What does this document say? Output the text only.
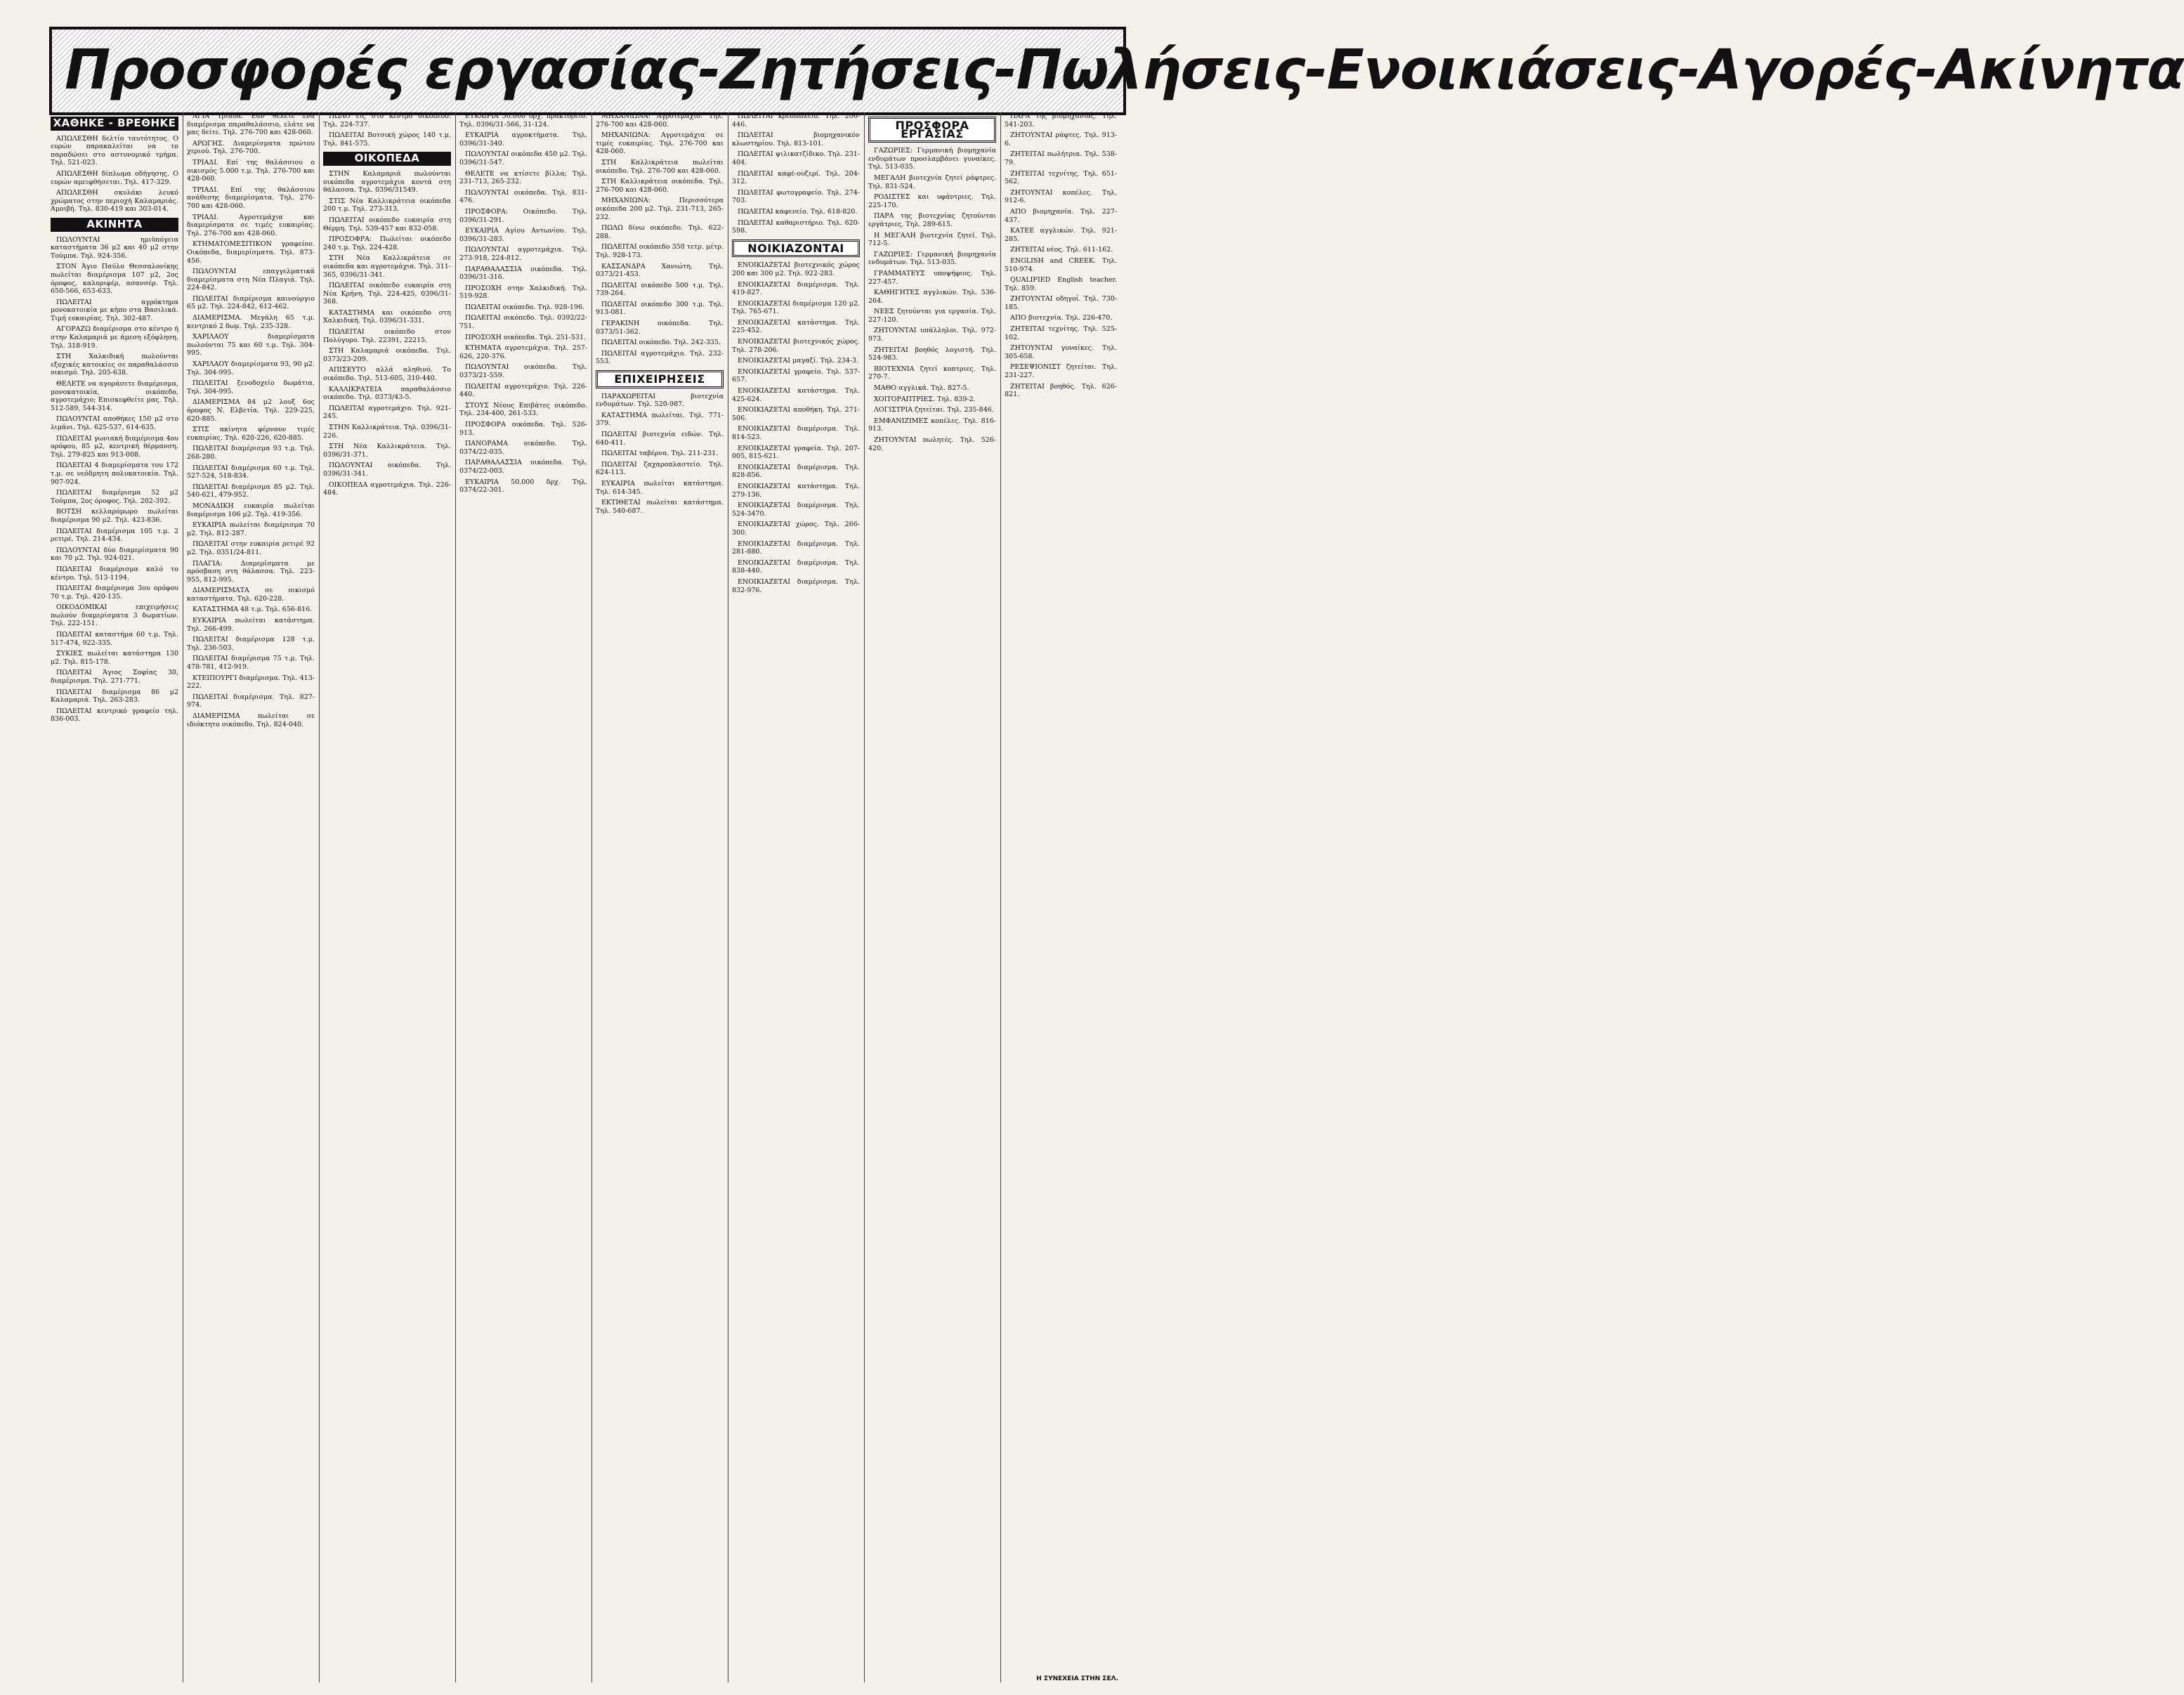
Προσφορές εργασίας-Ζητήσεις-Πωλήσεις-Ενοικιάσεις-Αγορές-Ακίνητα
ΧΑΘΗΚΕ - ΒΡΕΘΗΚΕ
ΑΠΩΛΕΣΘΗ δελτίο ταυτότητος. Ο ευρών παρακαλείται να το παραδώσει στο αστυνομικό τμήμα. Τηλ. 521-023.
ΑΠΩΛΕΣΘΗ δίπλωμα οδήγησης. Ο ευρών αμειφθήσεται. Τηλ. 417-329.
ΑΠΩΛΕΣΘΗ σκυλάκι λευκό χρώματος στην περιοχή Καλαμαριάς. Αμοιβή. Τηλ. 830-419 και 303-014.
ΑΚΙΝΗΤΑ
ΠΩΛΟΥΝΤΑΙ ημιϋπόγεια καταστήματα 36 μ2 και 40 μ2 στην Τούμπα. Τηλ. 924-356.
ΣΤΟΝ Άγιο Παύλο Θεσσαλονίκης πωλείται διαμέρισμα 107 μ2, 2ος όροφος, καλοριφέρ, ασανσέρ. Τηλ. 650-566, 653-633.
ΠΩΛΕΙΤΑΙ αγρόκτημα μονοκατοικία με κήπο στα Βασιλικά. Τιμή ευκαιρίας. Τηλ. 302-487.
ΑΓΟΡΑΖΩ διαμέρισμα στο κέντρο ή στην Καλαμαριά με άμεση εξόφληση. Τηλ. 318-919.
ΣΤΗ Χαλκιδική πωλούνται εξοχικές κατοικίες σε παραθαλάσσιο οικισμό. Τηλ. 205-638.
ΘΕΛΕΤΕ να αγοράσετε διαμέρισμα, μονοκατοικία, οικόπεδο, αγροτεμάχιο; Επισκεφθείτε μας. Τηλ. 512-589, 544-314.
ΠΩΛΟΥΝΤΑΙ αποθήκες 150 μ2 στο λιμάνι. Τηλ. 625-537, 614-635.
ΠΩΛΕΙΤΑΙ γωνιακή διαμέρισμα 4ου ορόφου, 85 μ2, κεντρική θέρμανση. Τηλ. 279-825 και 913-008.
ΠΩΛΕΙΤΑΙ 4 διαμερίσματα του 172 τ.μ. σε νεόδμητη πολυκατοικία. Τηλ. 907-924.
ΠΩΛΕΙΤΑΙ διαμέρισμα 52 μ2 Τούμπα, 2ος όροφος. Τηλ. 202-392.
ΒΟΤΣΗ κελλαρόμωρο πωλείται διαμέρισμα 90 μ2. Τηλ. 423-836.
ΠΩΛΕΙΤΑΙ διαμέρισμα 105 τ.μ. 2 ρετιρέ. Τηλ. 214-434.
ΠΩΛΟΥΝΤΑΙ δύο διαμερίσματα 90 και 70 μ2. Τηλ. 924-021.
ΠΩΛΕΙΤΑΙ διαμέρισμα καλό το κέντρο. Τηλ. 513-1194.
ΠΩΛΕΙΤΑΙ διαμέρισμα 3ου ορόφου 70 τ.μ. Τηλ. 420-135.
ΟΙΚΟΔΟΜΙΚΑΙ επιχειρήσεις πωλούν διαμερίσματα 3 δωματίων. Τηλ. 222-151.
ΠΩΛΕΙΤΑΙ καταστήμα 60 τ.μ. Τηλ. 517-474, 922-335.
ΣΥΚΙΕΣ πωλείται κατάστημα 130 μ2. Τηλ. 815-178.
ΠΩΛΕΙΤΑΙ Άγιος Σοφίας 30, διαμέρισμα. Τηλ. 271-771.
ΠΩΛΕΙΤΑΙ διαμέρισμα 86 μ2 Καλαμαριά. Τηλ. 263-283.
ΠΩΛΕΙΤΑΙ κεντρικό γραφείο τηλ. 836-003.
ΑΓΙΑ Τριάδα. Εάν θέλετε ένα διαμέρισμα παραθαλάσσιο, ελάτε να μας δείτε. Τηλ. 276-700 και 428-060.
ΑΡΩΓΗΣ. Διαμερίσματα πρώτου χεριού. Τηλ. 276-700.
ΤΡΙΑΔΙ. Επί της θαλάσσιου ο οικισμός 5.000 τ.μ. Τηλ. 276-700 και 428-060.
ΤΡΙΑΔΙ. Επί της θαλάσσιου ανάθεσης διαμερίσματα. Τηλ. 276-700 και 428-060.
ΤΡΙΑΔΙ. Αγροτεμάχια και διαμερίσματα σε τιμές ευκαιρίας. Τηλ. 276-700 και 428-060.
ΚΤΗΜΑΤΟΜΕΣΙΤΙΚΟΝ γραφείον. Οικόπεδα, διαμερίσματα. Τηλ. 873-456.
ΠΩΛΟΥΝΤΑΙ επαγγελματικά διαμερίσματα στη Νέα Πλαγιά. Τηλ. 224-842.
ΠΩΛΕΙΤΑΙ διαμέρισμα καινούργιο 65 μ2. Τηλ. 224-842, 612-462.
ΔΙΑΜΕΡΙΣΜΑ. Μεγάλη 65 τ.μ. κεντρικό 2 δωμ. Τηλ. 235-328.
ΧΑΡΙΛΑΟΥ διαμερίσματα πωλούνται 75 και 60 τ.μ. Τηλ. 304-995.
ΧΑΡΙΛΑΟΥ διαμερίσματα 93, 90 μ2. Τηλ. 304-995.
ΠΩΛΕΙΤΑΙ ξενοδοχείο δωμάτια. Τηλ. 304-995.
ΔΙΑΜΕΡΙΣΜΑ 84 μ2 λουξ 6ος όροφος Ν. Ελβετία. Τηλ. 229-225, 620-885.
ΣΤΙΣ ακίνητα φέρνουν τιμές ευκαιρίας. Τηλ. 620-226, 620-885.
ΠΩΛΕΙΤΑΙ διαμέρισμα 93 τ.μ. Τηλ. 268-280.
ΠΩΛΕΙΤΑΙ διαμέρισμα 60 τ.μ. Τηλ. 527-524, 518-834.
ΠΩΛΕΙΤΑΙ διαμέρισμα 85 μ2. Τηλ. 540-621, 479-952.
ΜΟΝΑΔΙΚΗ ευκαιρία πωλείται διαμέρισμα 106 μ2. Τηλ. 419-356.
ΕΥΚΑΙΡΙΑ πωλείται διαμέρισμα 70 μ2. Τηλ. 812-287.
ΠΩΛΕΙΤΑΙ στην ευκαιρία ρετιρέ 92 μ2. Τηλ. 0351/24-811.
ΠΛΑΓΙΑ: Διαμερίσματα με πρόσβαση στη θάλασσα. Τηλ. 223-955, 812-995.
ΔΙΑΜΕΡΙΣΜΑΤΑ σε οικισμό καταστήματα. Τηλ. 620-228.
ΚΑΤΑΣΤΗΜΑ 48 τ.μ. Τηλ. 656-816.
ΕΥΚΑΙΡΙΑ πωλείται κατάστημα. Τηλ. 266-499.
ΠΩΛΕΙΤΑΙ διαμέρισμα 128 τ.μ. Τηλ. 236-503.
ΠΩΛΕΙΤΑΙ διαμέρισμα 75 τ.μ. Τηλ. 478-781, 412-919.
ΚΤΕΙΠΟΥΡΓΙ διαμέρισμα. Τηλ. 413-222.
ΠΩΛΕΙΤΑΙ διαμέρισμα. Τηλ. 827-974.
ΔΙΑΜΕΡΙΣΜΑ πωλείται σε ιδιόκτητο οικόπεδο. Τηλ. 824-040.
ΠΩΛΟ είς στο κέντρο οικόπεδο. Τηλ. 224-737.
ΠΩΛΕΙΤΑΙ Βοτσική χώρος 140 τ.μ. Τηλ. 841-575.
ΟΙΚΟΠΕΔΑ
ΣΤΗΝ Καλαμαριά πωλούνται οικόπεδα αγροτεμάχια κοντά στη θάλασσα. Τηλ. 0396/31549.
ΣΤΙΣ Νέα Καλλικράτεια οικόπεδα 200 τ.μ. Τηλ. 273-313.
ΠΩΛΕΙΤΑΙ οικόπεδο ευκαιρία στη Θέρμη. Τηλ. 539-457 και 832-058.
ΠΡΟΣΟΦΡΑ: Πωλείται οικόπεδο 240 τ.μ. Τηλ. 224-428.
ΣΤΗ Νέα Καλλικράτεια σε οικόπεδα και αγροτεμάχια. Τηλ. 311-365, 0396/31-341.
ΠΩΛΕΙΤΑΙ οικόπεδο ευκαιρία στη Νέα Κρήνη. Τηλ. 224-425, 0396/31-368.
ΚΑΤΑΣΤΗΜΑ και οικόπεδο στη Χαλκιδική. Τηλ. 0396/31-331.
ΠΩΛΕΙΤΑΙ οικόπεδο στον Πολύγυρο. Τηλ. 22391, 22215.
ΣΤΗ Καλαμαριά οικόπεδα. Τηλ. 0373/23-209.
ΑΠΙΣΕΥΤΟ αλλά αληθινό. Το οικόπεδο. Τηλ. 513-605, 310-440.
ΚΑΛΛΙΚΡΑΤΕΙΑ παραθαλάσσιο οικόπεδο. Τηλ. 0373/43-5.
ΠΩΛΕΙΤΑΙ αγροτεμάχιο. Τηλ. 921-245.
ΣΤΗΝ Καλλικράτεια. Τηλ. 0396/31-226.
ΣΤΗ Νέα Καλλικράτεια. Τηλ. 0396/31-371.
ΠΩΛΟΥΝΤΑΙ οικόπεδα. Τηλ. 0396/31-341.
ΟΙΚΟΠΕΔΑ αγροτεμάχια. Τηλ. 226-484.
ΕΥΚΑΙΡΙΑ 50.000 δρχ. πρακτορείο. Τηλ. 0396/31-566, 31-124.
ΕΥΚΑΙΡΙΑ αγροκτήματα. Τηλ. 0396/31-340.
ΠΩΛΟΥΝΤΑΙ οικόπεδα 450 μ2. Τηλ. 0396/31-547.
ΘΕΛΕΤΕ να κτίσετε βίλλα; Τηλ. 231-713, 265-232.
ΠΩΛΟΥΝΤΑΙ οικόπεδα. Τηλ. 831-476.
ΠΡΟΣΦΟΡΑ: Οικόπεδο. Τηλ. 0396/31-291.
ΕΥΚΑΙΡΙΑ Αγίου Αντωνίου. Τηλ. 0396/31-283.
ΠΩΛΟΥΝΤΑΙ αγροτεμάχια. Τηλ. 273-918, 224-812.
ΠΑΡΑΘΑΛΑΣΣΙΑ οικόπεδα. Τηλ. 0396/31-316.
ΠΡΟΣΟΧΗ στην Χαλκιδική. Τηλ. 519-928.
ΠΩΛΕΙΤΑΙ οικόπεδο. Τηλ. 928-196.
ΠΩΛΕΙΤΑΙ οικόπεδο. Τηλ. 0392/22-751.
ΠΡΟΣΟΧΗ οικόπεδα. Τηλ. 251-531.
ΚΤΗΜΑΤΑ αγροτεμάχια. Τηλ. 257-626, 220-376.
ΠΩΛΟΥΝΤΑΙ οικόπεδα. Τηλ. 0373/21-559.
ΠΩΛΕΙΤΑΙ αγροτεμάχιο. Τηλ. 226-440.
ΣΤΟΥΣ Νέους Επιβάτες οικόπεδο. Τηλ. 234-400, 261-533.
ΠΡΟΣΦΟΡΑ οικόπεδα. Τηλ. 526-913.
ΠΑΝΟΡΑΜΑ οικόπεδο. Τηλ. 0374/22-035.
ΠΑΡΑΘΑΛΑΣΣΙΑ οικόπεδα. Τηλ. 0374/22-003.
ΕΥΚΑΙΡΙΑ 50.000 δρχ. Τηλ. 0374/22-301.
ΜΗΧΑΝΙΩΝΑ: Αγροτεμάχιο. Τηλ. 276-700 και 428-060.
ΜΗΧΑΝΙΩΝΑ: Αγροτεμάχια σε τιμές ευκαιρίας. Τηλ. 276-700 και 428-060.
ΣΤΗ Καλλικράτεια πωλείται οικόπεδο. Τηλ. 276-700 και 428-060.
ΣΤΗ Καλλικράτεια οικόπεδα. Τηλ. 276-700 και 428-060.
ΜΗΧΑΝΙΩΝΑ: Περισσότερα οικόπεδα 200 μ2. Τηλ. 231-713, 265-232.
ΠΩΛΩ δίνω οικόπεδο. Τηλ. 622-288.
ΠΩΛΕΙΤΑΙ οικόπεδο 350 τετρ. μέτρ. Τηλ. 928-173.
ΚΑΣΣΑΝΔΡΑ Χανιώτη. Τηλ. 0373/21-453.
ΠΩΛΕΙΤΑΙ οικόπεδο 500 τ.μ. Τηλ. 739-264.
ΠΩΛΕΙΤΑΙ οικόπεδο 300 τ.μ. Τηλ. 913-081.
ΓΕΡΑΚΙΝΗ οικόπεδα. Τηλ. 0373/51-362.
ΠΩΛΕΙΤΑΙ οικόπεδο. Τηλ. 242-335.
ΠΩΛΕΙΤΑΙ αγροτεμάχιο. Τηλ. 232-553.
ΕΠΙΧΕΙΡΗΣΕΙΣ
ΠΑΡΑΧΩΡΕΙΤΑΙ βιοτεχνία ενδυμάτων. Τηλ. 520-987.
ΚΑΤΑΣΤΗΜΑ πωλείται. Τηλ. 771-379.
ΠΩΛΕΙΤΑΙ βιοτεχνία ειδών. Τηλ. 640-411.
ΠΩΛΕΙΤΑΙ ταβέρνα. Τηλ. 211-231.
ΠΩΛΕΙΤΑΙ ζαχαροπλαστείο. Τηλ. 624-113.
ΕΥΚΑΙΡΙΑ πωλείται κατάστημα. Τηλ. 614-345.
ΕΚΤΙΘΕΤΑΙ πωλείται κατάστημα. Τηλ. 540-687.
ΠΩΛΕΙΤΑΙ κρεοπωλείο. Τηλ. 206-446.
ΠΩΛΕΙΤΑΙ βιομηχανικόν κλωστηρίου. Τηλ. 813-101.
ΠΩΛΕΙΤΑΙ ψιλικατζίδικο. Τηλ. 231-404.
ΠΩΛΕΙΤΑΙ καφέ-ουζερί. Τηλ. 204-312.
ΠΩΛΕΙΤΑΙ φωτογραφείο. Τηλ. 274-703.
ΠΩΛΕΙΤΑΙ καφενείο. Τηλ. 618-820.
ΠΩΛΕΙΤΑΙ καθαριστήριο. Τηλ. 620-598.
ΝΟΙΚΙΑΖΟΝΤΑΙ
ΕΝΟΙΚΙΑΖΕΤΑΙ βιοτεχνικός χώρος 200 και 300 μ2. Τηλ. 922-283.
ΕΝΟΙΚΙΑΖΕΤΑΙ διαμέρισμα. Τηλ. 419-827.
ΕΝΟΙΚΙΑΖΕΤΑΙ διαμέρισμα 120 μ2. Τηλ. 765-671.
ΕΝΟΙΚΙΑΖΕΤΑΙ κατάστημα. Τηλ. 225-452.
ΕΝΟΙΚΙΑΖΕΤΑΙ βιοτεχνικός χώρος. Τηλ. 278-206.
ΕΝΟΙΚΙΑΖΕΤΑΙ μαγαζί. Τηλ. 234-3.
ΕΝΟΙΚΙΑΖΕΤΑΙ γραφείο. Τηλ. 537-657.
ΕΝΟΙΚΙΑΖΕΤΑΙ κατάστημα. Τηλ. 425-624.
ΕΝΟΙΚΙΑΖΕΤΑΙ αποθήκη. Τηλ. 271-506.
ΕΝΟΙΚΙΑΖΕΤΑΙ διαμέρισμα. Τηλ. 814-523.
ΕΝΟΙΚΙΑΖΕΤΑΙ γραφεία. Τηλ. 207-005, 815-621.
ΕΝΟΙΚΙΑΖΕΤΑΙ διαμέρισμα. Τηλ. 828-856.
ΕΝΟΙΚΙΑΖΕΤΑΙ κατάστημα. Τηλ. 279-136.
ΕΝΟΙΚΙΑΖΕΤΑΙ διαμέρισμα. Τηλ. 524-3470.
ΕΝΟΙΚΙΑΖΕΤΑΙ χώρος. Τηλ. 266-300.
ΕΝΟΙΚΙΑΖΕΤΑΙ διαμέρισμα. Τηλ. 281-880.
ΕΝΟΙΚΙΑΖΕΤΑΙ διαμέρισμα. Τηλ. 838-440.
ΕΝΟΙΚΙΑΖΕΤΑΙ διαμέρισμα. Τηλ. 832-976.
ΠΡΟΣΦΟΡΑ ΕΡΓΑΣΙΑΣ
ΓΑΖΩΡΙΕΣ: Γερμανική βιομηχανία ενδυμάτων προσλαμβάνει γυναίκες. Τηλ. 513-035.
ΜΕΓΑΛΗ βιοτεχνία ζητεί ράφτρες. Τηλ. 831-524.
ΡΟΔΙΣΤΕΣ και υφάντριες. Τηλ. 225-170.
ΠΑΡΑ της βιοτεχνίας ζητούνται εργάτριες. Τηλ. 289-615.
Η ΜΕΓΑΛΗ βιοτεχνία ζητεί. Τηλ. 712-5.
ΓΑΖΩΡΙΕΣ: Γερμανική βιομηχανία ενδυμάτων. Τηλ. 513-035.
ΓΡΑΜΜΑΤΕΥΣ υποψήφιος. Τηλ. 227-457.
ΚΑΘΗΓΗΤΕΣ αγγλικών. Τηλ. 536-264.
ΝΕΕΣ ζητούνται για εργασία. Τηλ. 227-120.
ΖΗΤΟΥΝΤΑΙ υπάλληλοι. Τηλ. 972-973.
ΖΗΤΕΙΤΑΙ βοηθός λογιστή. Τηλ. 524-983.
ΒΙΟΤΕΧΝΙΑ ζητεί κοπτριες. Τηλ. 270-7.
ΜΑΘΟ αγγλικά. Τηλ. 827-5.
ΧΟΙΤΟΡΑΠΤΡΙΕΣ. Τηλ. 839-2.
ΛΟΓΙΣΤΡΙΑ ζητείται. Τηλ. 235-846.
ΕΜΦΑΝΙΖΙΜΕΣ κοπέλες. Τηλ. 816-913.
ΖΗΤΟΥΝΤΑΙ πωλητές. Τηλ. 526-420.
ΠΑΡΑ της βιομηχανίας. Τηλ. 541-203.
ΖΗΤΟΥΝΤΑΙ ράφτες. Τηλ. 913-6.
ΖΗΤΕΙΤΑΙ πωλήτρια. Τηλ. 538-79.
ΖΗΤΕΙΤΑΙ τεχνίτης. Τηλ. 651-562.
ΖΗΤΟΥΝΤΑΙ κοπέλες. Τηλ. 912-6.
ΑΠΟ βιομηχανία. Τηλ. 227-437.
ΚΑΤΕΕ αγγλικών. Τηλ. 921-285.
ΖΗΤΕΙΤΑΙ νέος. Τηλ. 611-162.
ENGLISH and CREEK. Τηλ. 510-974.
QUALIFIED English teacher. Τηλ. 859.
ΖΗΤΟΥΝΤΑΙ οδηγοί. Τηλ. 730-185.
ΑΠΟ βιοτεχνία. Τηλ. 226-470.
ΖΗΤΕΙΤΑΙ τεχνίτης. Τηλ. 525-102.
ΖΗΤΟΥΝΤΑΙ γυναίκες. Τηλ. 305-658.
ΡΕΣΕΨΙΟΝΙΣΤ ζητείται. Τηλ. 231-227.
ΖΗΤΕΙΤΑΙ βοηθός. Τηλ. 626-821.
Η ΣΥΝΕΧΕΙΑ ΣΤΗΝ ΣΕΛ.
